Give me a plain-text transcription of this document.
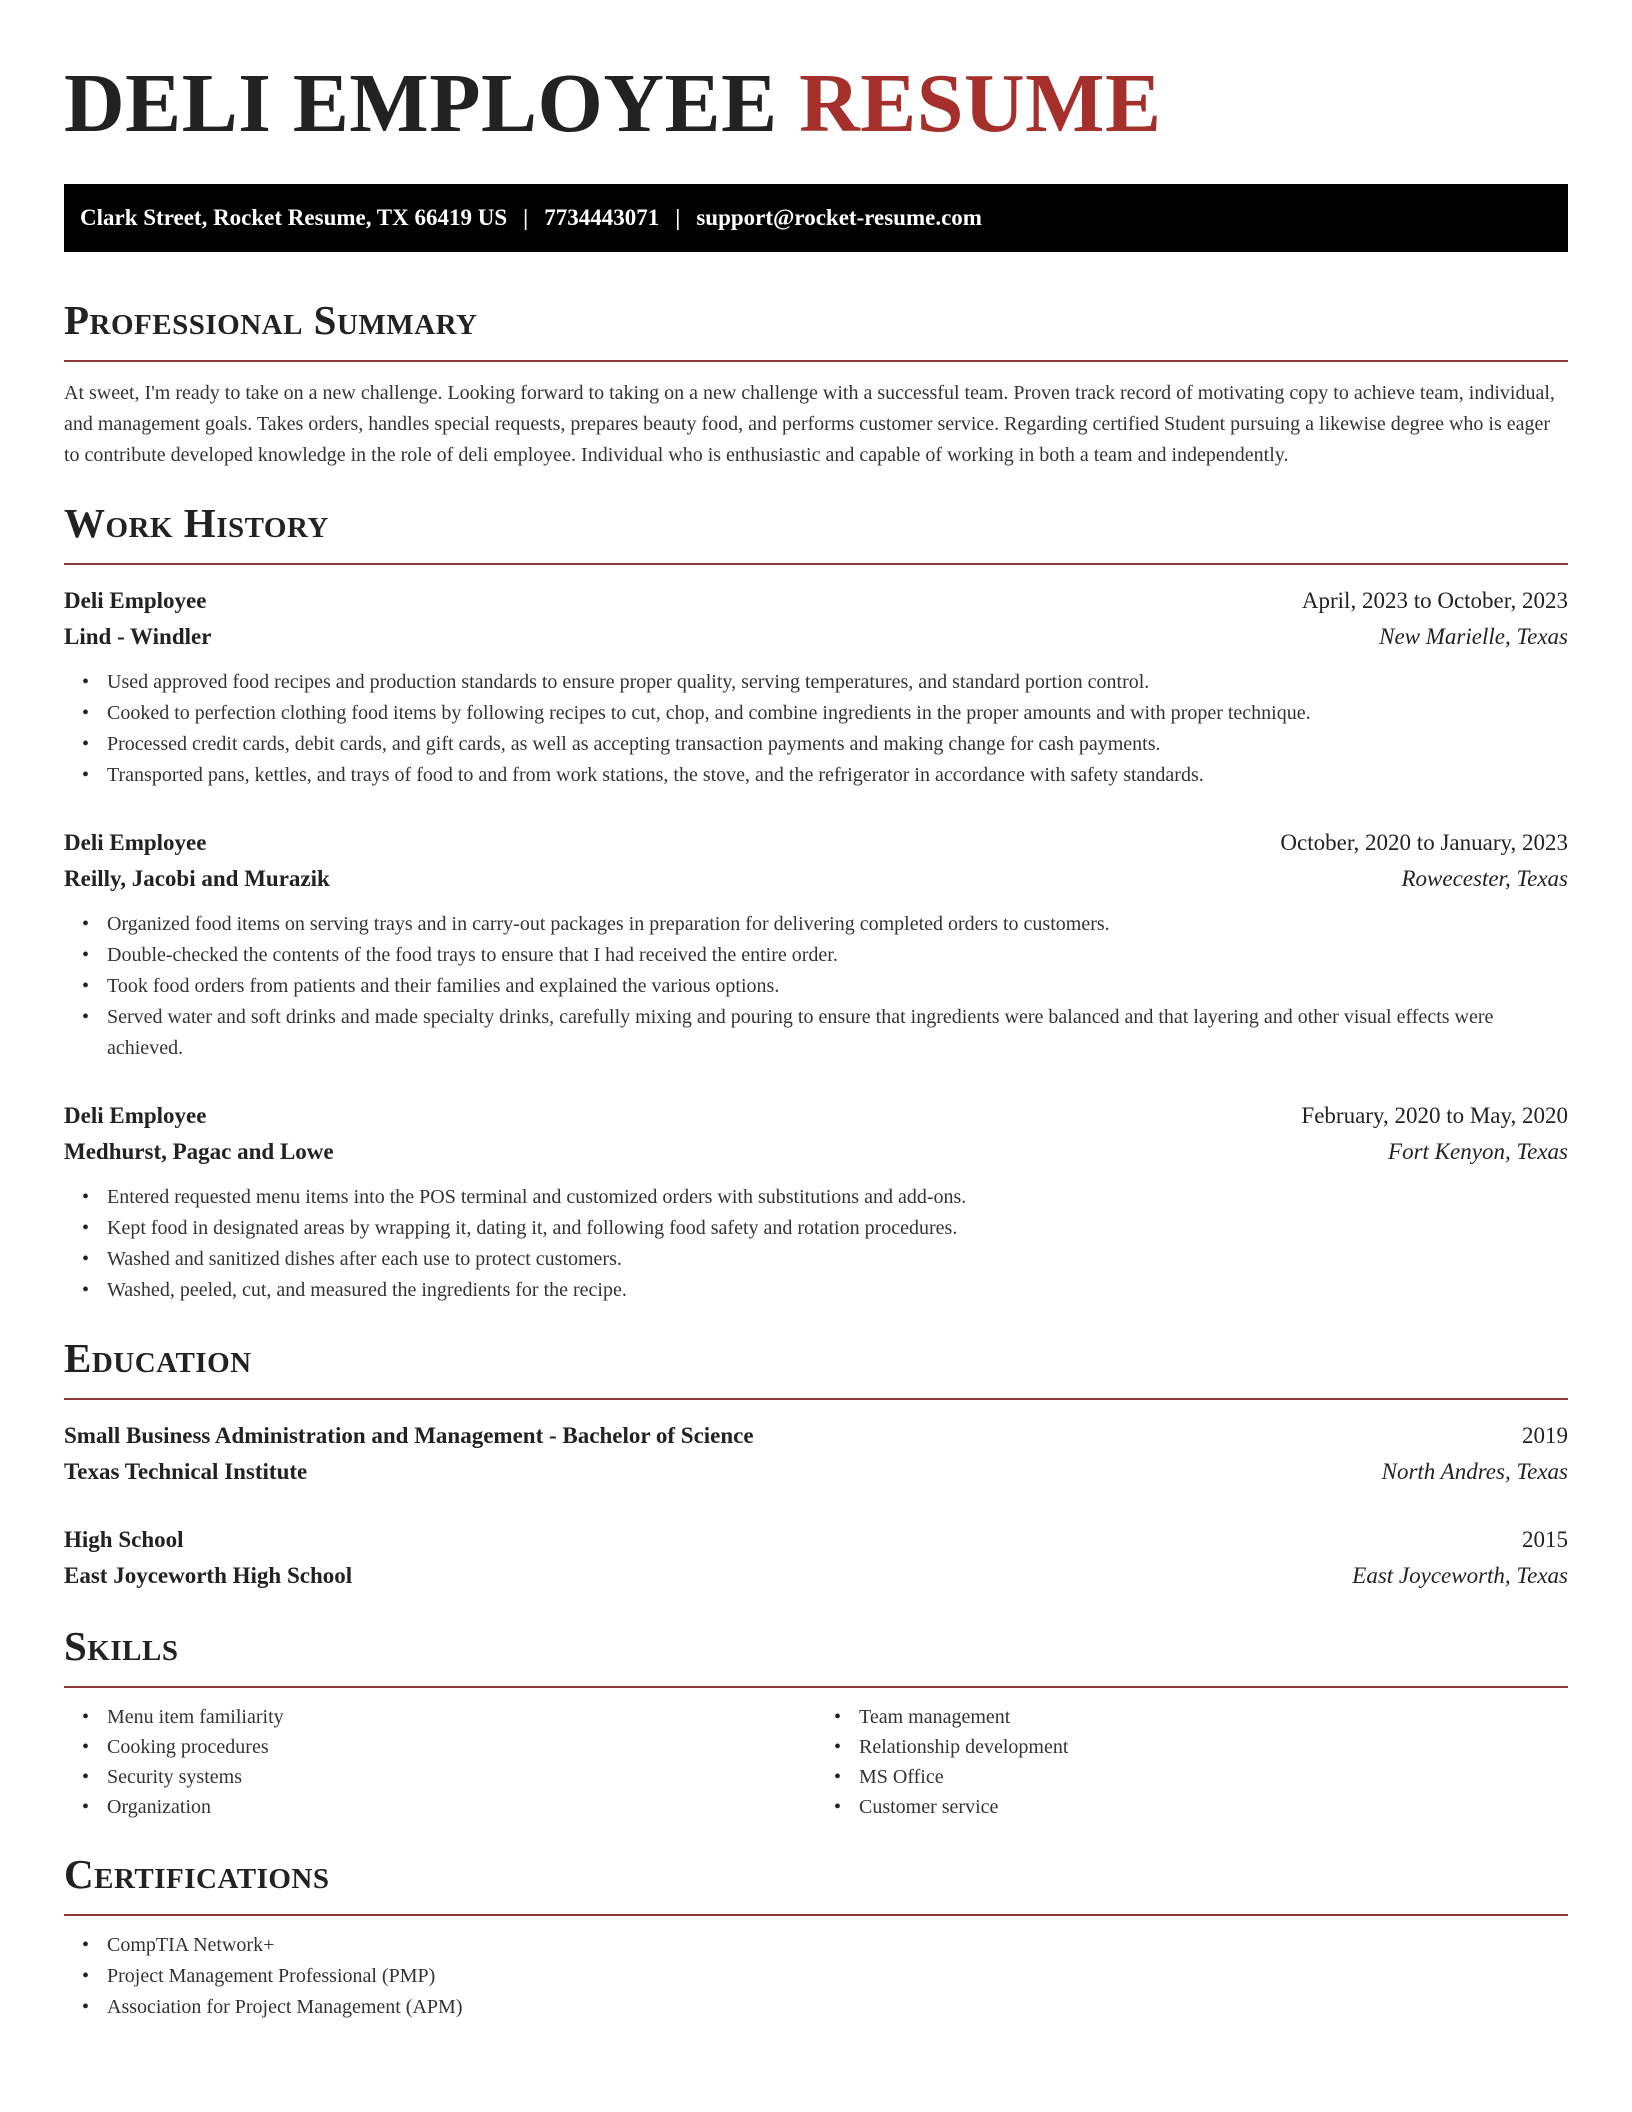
DELI EMPLOYEE RESUME
Clark Street, Rocket Resume, TX 66419 US | 7734443071 | support@rocket-resume.com
Professional Summary

At sweet, I'm ready to take on a new challenge. Looking forward to taking on a new challenge with a successful team. Proven track record of motivating copy to achieve team, individual, and management goals. Takes orders, handles special requests, prepares beauty food, and performs customer service. Regarding certified Student pursuing a likewise degree who is eager to contribute developed knowledge in the role of deli employee. Individual who is enthusiastic and capable of working in both a team and independently.

Work History
Deli Employee	April, 2023 to October, 2023
Lind - Windler	New Marielle, Texas
• Used approved food recipes and production standards to ensure proper quality, serving temperatures, and standard portion control.
• Cooked to perfection clothing food items by following recipes to cut, chop, and combine ingredients in the proper amounts and with proper technique.
• Processed credit cards, debit cards, and gift cards, as well as accepting transaction payments and making change for cash payments.
• Transported pans, kettles, and trays of food to and from work stations, the stove, and the refrigerator in accordance with safety standards.
Deli Employee	October, 2020 to January, 2023
Reilly, Jacobi and Murazik	Rowecester, Texas
• Organized food items on serving trays and in carry-out packages in preparation for delivering completed orders to customers.
• Double-checked the contents of the food trays to ensure that I had received the entire order.
• Took food orders from patients and their families and explained the various options.
• Served water and soft drinks and made specialty drinks, carefully mixing and pouring to ensure that ingredients were balanced and that layering and other visual effects were achieved.
Deli Employee	February, 2020 to May, 2020
Medhurst, Pagac and Lowe	Fort Kenyon, Texas
• Entered requested menu items into the POS terminal and customized orders with substitutions and add-ons.
• Kept food in designated areas by wrapping it, dating it, and following food safety and rotation procedures.
• Washed and sanitized dishes after each use to protect customers.
• Washed, peeled, cut, and measured the ingredients for the recipe.
Education
Small Business Administration and Management - Bachelor of Science	2019
Texas Technical Institute	North Andres, Texas
High School	2015
East Joyceworth High School	East Joyceworth, Texas
Skills
• Menu item familiarity
• Cooking procedures
• Security systems
• Organization
• Team management
• Relationship development
• MS Office
• Customer service
Certifications
• CompTIA Network+
• Project Management Professional (PMP)
• Association for Project Management (APM)
